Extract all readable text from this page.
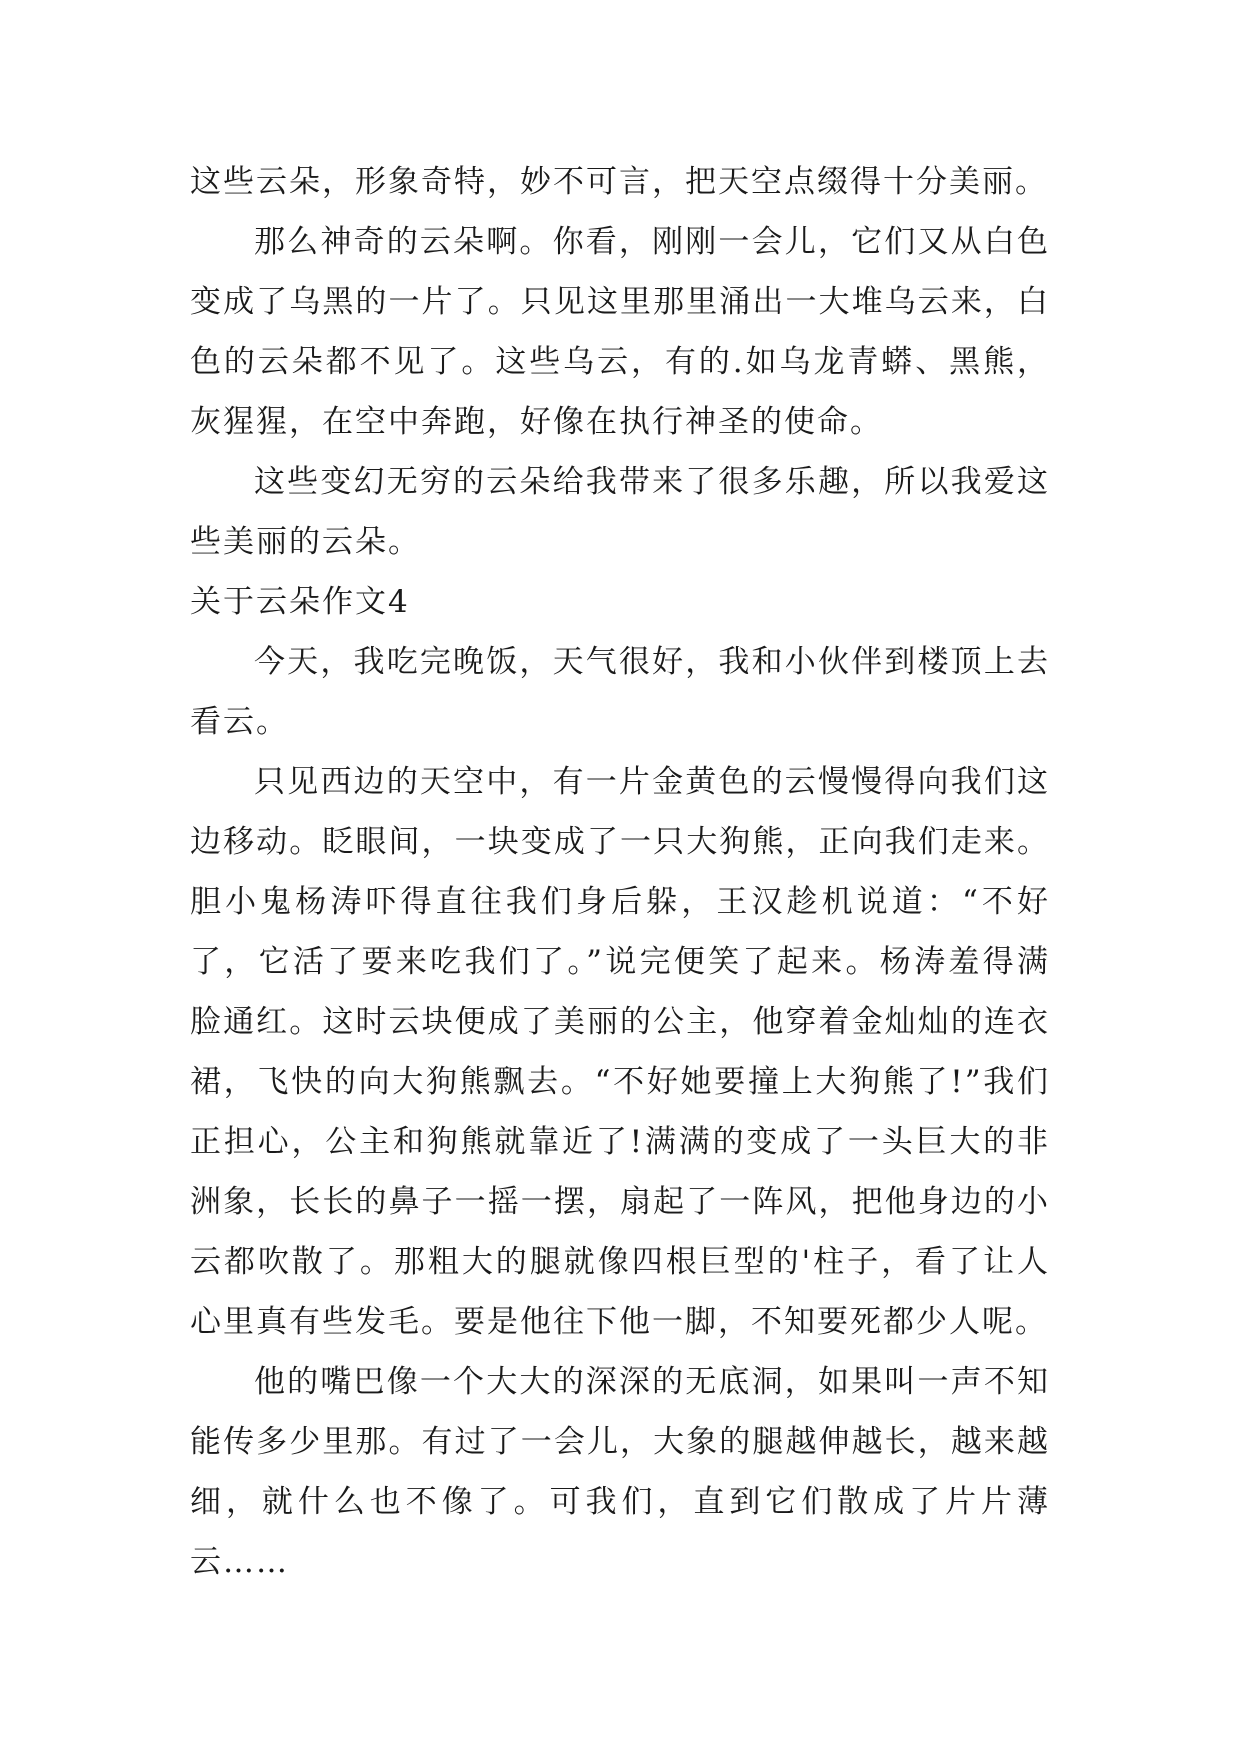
这些云朵，形象奇特，妙不可言，把天空点缀得十分美丽。

那么神奇的云朵啊。你看，刚刚一会儿，它们又从白色变成了乌黑的一片了。只见这里那里涌出一大堆乌云来，白色的云朵都不见了。这些乌云，有的.如乌龙青蟒、黑熊，灰猩猩，在空中奔跑，好像在执行神圣的使命。

这些变幻无穷的云朵给我带来了很多乐趣，所以我爱这些美丽的云朵。

关于云朵作文4

今天，我吃完晚饭，天气很好，我和小伙伴到楼顶上去看云。

只见西边的天空中，有一片金黄色的云慢慢得向我们这边移动。眨眼间，一块变成了一只大狗熊，正向我们走来。胆小鬼杨涛吓得直往我们身后躲，王汉趁机说道：“不好了，它活了要来吃我们了。”说完便笑了起来。杨涛羞得满脸通红。这时云块便成了美丽的公主，他穿着金灿灿的连衣裙，飞快的向大狗熊飘去。“不好她要撞上大狗熊了!”我们正担心，公主和狗熊就靠近了!满满的变成了一头巨大的非洲象，长长的鼻子一摇一摆，扇起了一阵风，把他身边的小云都吹散了。那粗大的腿就像四根巨型的'柱子，看了让人心里真有些发毛。要是他往下他一脚，不知要死都少人呢。

他的嘴巴像一个大大的深深的无底洞，如果叫一声不知能传多少里那。有过了一会儿，大象的腿越伸越长，越来越细，就什么也不像了。可我们，直到它们散成了片片薄云……
